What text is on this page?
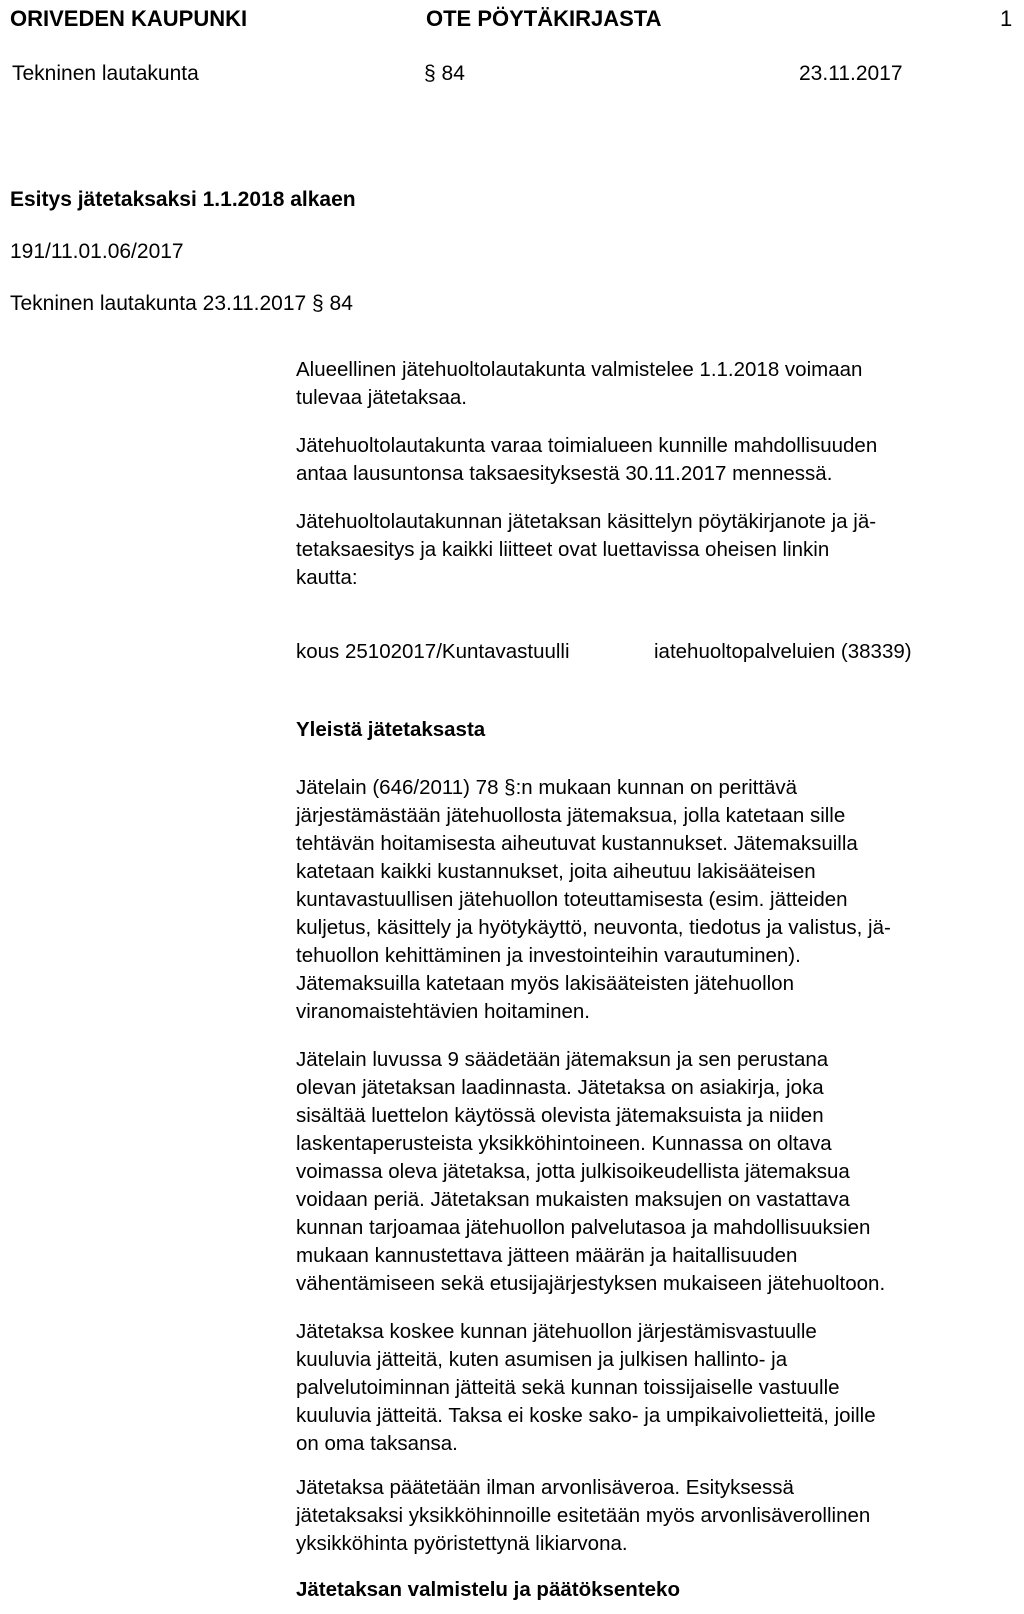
ORIVEDEN KAUPUNKI	OTE PÖYTÄKIRJASTA	1
Tekninen lautakunta	§ 84	23.11.2017
Esitys jätetaksaksi 1.1.2018 alkaen
191/11.01.06/2017
Tekninen lautakunta 23.11.2017 § 84

Alueellinen jätehuoltolautakunta valmistelee 1.1.2018 voimaan
tulevaa jätetaksaa.

Jätehuoltolautakunta varaa toimialueen kunnille mahdollisuuden
antaa lausuntonsa taksaesityksestä 30.11.2017 mennessä.

Jätehuoltolautakunnan jätetaksan käsittelyn pöytäkirjanote ja jä-
tetaksaesitys ja kaikki liitteet ovat luettavissa oheisen linkin
kautta:

kous 25102017/Kuntavastuulli	iatehuoltopalveluien (38339)
Yleistä jätetaksasta

Jätelain (646/2011) 78 §:n mukaan kunnan on perittävä
järjestämästään jätehuollosta jätemaksua, jolla katetaan sille
tehtävän hoitamisesta aiheutuvat kustannukset. Jätemaksuilla
katetaan kaikki kustannukset, joita aiheutuu lakisääteisen
kuntavastuullisen jätehuollon toteuttamisesta (esim. jätteiden
kuljetus, käsittely ja hyötykäyttö, neuvonta, tiedotus ja valistus, jä-
tehuollon kehittäminen ja investointeihin varautuminen).
Jätemaksuilla katetaan myös lakisääteisten jätehuollon
viranomaistehtävien hoitaminen.

Jätelain luvussa 9 säädetään jätemaksun ja sen perustana
olevan jätetaksan laadinnasta. Jätetaksa on asiakirja, joka
sisältää luettelon käytössä olevista jätemaksuista ja niiden
laskentaperusteista yksikköhintoineen. Kunnassa on oltava
voimassa oleva jätetaksa, jotta julkisoikeudellista jätemaksua
voidaan periä. Jätetaksan mukaisten maksujen on vastattava
kunnan tarjoamaa jätehuollon palvelutasoa ja mahdollisuuksien
mukaan kannustettava jätteen määrän ja haitallisuuden
vähentämiseen sekä etusijajärjestyksen mukaiseen jätehuoltoon.

Jätetaksa koskee kunnan jätehuollon järjestämisvastuulle
kuuluvia jätteitä, kuten asumisen ja julkisen hallinto- ja
palvelutoiminnan jätteitä sekä kunnan toissijaiselle vastuulle
kuuluvia jätteitä. Taksa ei koske sako- ja umpikaivolietteitä, joille
on oma taksansa.

Jätetaksa päätetään ilman arvonlisäveroa. Esityksessä
jätetaksaksi yksikköhinnoille esitetään myös arvonlisäverollinen
yksikköhinta pyöristettynä likiarvona.

Jätetaksan valmistelu ja päätöksenteko
